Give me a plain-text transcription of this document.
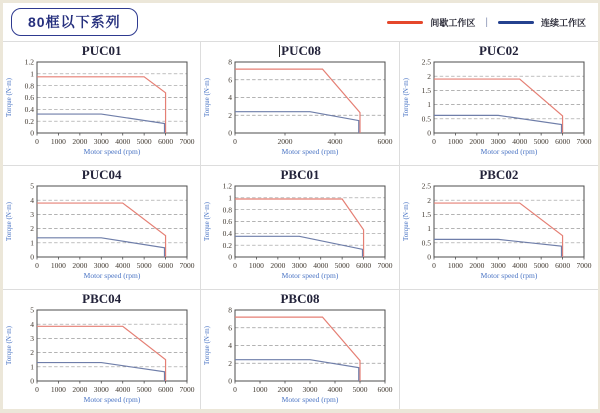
80框以下系列	间歇工作区 |	连续工作区
PUC01
0
0.2
0.4
0.6
0.8
1
1.2
0 1000 2000 3000 4000 5000 6000 7000
Motor speed (rpm)
Torque (N·m)
PUC08
0
2
4
6
8
0	2000	4000	6000
Motor speed (rpm)
Torque (N·m)
PUC02
0
0.5
1
1.5
2
2.5
0 1000 2000 3000 4000 5000 6000 7000
Motor speed (rpm)
Torque (N·m)
PUC04
0
1
2
3
4
5
0 1000 2000 3000 4000 5000 6000 7000
Motor speed (rpm)
Torque (N·m)
PBC01
0
0.2
0.4
0.6
0.8
1
1.2
0 1000 2000 3000 4000 5000 6000 7000
Motor speed (rpm)
Torque (N·m)
PBC02
0
0.5
1
1.5
2
2.5
0 1000 2000 3000 4000 5000 6000 7000
Motor speed (rpm)
Torque (N·m)
PBC04
0
1
2
3
4
5
0 1000 2000 3000 4000 5000 6000 7000
Motor speed (rpm)
Torque (N·m)
PBC08
0
2
4
6
8
0 1000 2000 3000 4000 5000 6000
Motor speed (rpm)
Torque (N·m)
